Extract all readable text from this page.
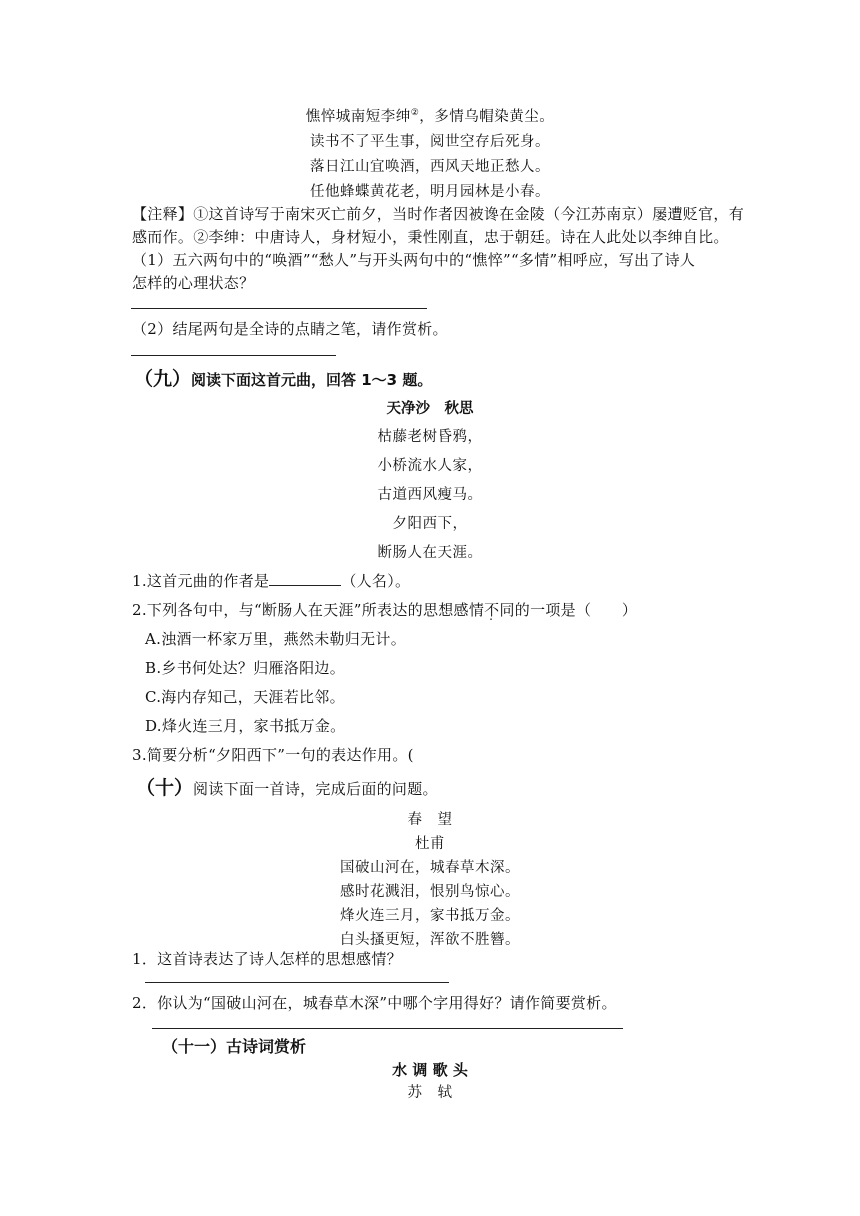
憔悴城南短李绅②，多情乌帽染黄尘。
读书不了平生事，阅世空存后死身。
落日江山宜唤酒，西风天地正愁人。
任他蜂蝶黄花老，明月园林是小春。
【注释】①这首诗写于南宋灭亡前夕，当时作者因被谗在金陵（今江苏南京）屡遭贬官，有
感而作。②李绅：中唐诗人，身材短小，秉性刚直，忠于朝廷。诗在人此处以李绅自比。
（1）五六两句中的“唤酒”“愁人”与开头两句中的“憔悴”“多情”相呼应，写出了诗人
怎样的心理状态？
（2）结尾两句是全诗的点睛之笔，请作赏析。
（九）阅读下面这首元曲，回答 1～3 题。
天净沙　秋思
枯藤老树昏鸦，
小桥流水人家，
古道西风瘦马。
夕阳西下，
断肠人在天涯。
1.这首元曲的作者是	（人名）。
2.下列各句中，与“断肠人在天涯”所表达的思想感情不同的一项是（　　）
A.浊酒一杯家万里，燕然未勒归无计。
B.乡书何处达？归雁洛阳边。
C.海内存知己，天涯若比邻。
D.烽火连三月，家书抵万金。
3.简要分析“夕阳西下”一句的表达作用。(
（十）阅读下面一首诗，完成后面的问题。
春　望
杜甫
国破山河在，城春草木深。
感时花溅泪，恨别鸟惊心。
烽火连三月，家书抵万金。
白头搔更短，浑欲不胜簪。
1．这首诗表达了诗人怎样的思想感情？
2．你认为“国破山河在，城春草木深”中哪个字用得好？请作简要赏析。
（十一）古诗词赏析
水 调 歌 头
苏　轼
